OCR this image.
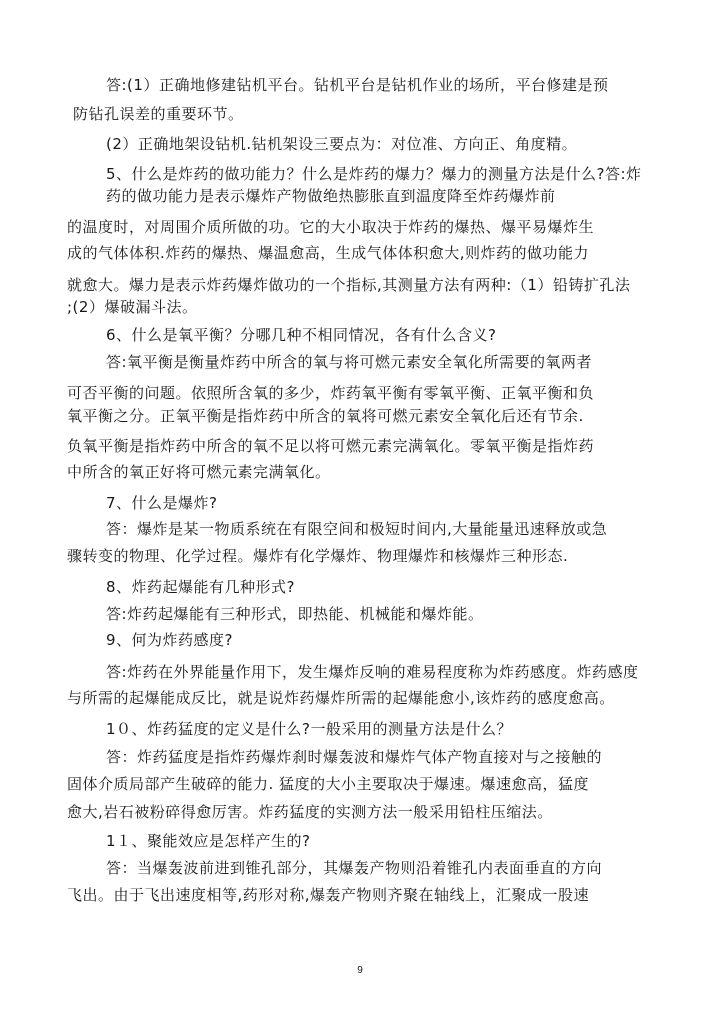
答:(1）正确地修建钻机平台。钻机平台是钻机作业的场所，平台修建是预
防钻孔误差的重要环节。
(2）正确地架设钻机.钻机架设三要点为：对位准、方向正、角度精。
5、什么是炸药的做功能力？什么是炸药的爆力？爆力的测量方法是什么?答:炸
药的做功能力是表示爆炸产物做绝热膨胀直到温度降至炸药爆炸前
的温度时，对周围介质所做的功。它的大小取决于炸药的爆热、爆平易爆炸生
成的气体体积.炸药的爆热、爆温愈高，生成气体体积愈大,则炸药的做功能力
就愈大。爆力是表示炸药爆炸做功的一个指标,其测量方法有两种:（1）铅铸扩孔法
;(2）爆破漏斗法。
6、什么是氧平衡？分哪几种不相同情况，各有什么含义?
答:氧平衡是衡量炸药中所含的氧与将可燃元素安全氧化所需要的氧两者
可否平衡的问题。依照所含氧的多少，炸药氧平衡有零氧平衡、正氧平衡和负
氧平衡之分。正氧平衡是指炸药中所含的氧将可燃元素安全氧化后还有节余.
负氧平衡是指炸药中所含的氧不足以将可燃元素完满氧化。零氧平衡是指炸药
中所含的氧正好将可燃元素完满氧化。
7、什么是爆炸?
答：爆炸是某一物质系统在有限空间和极短时间内,大量能量迅速释放或急
骤转变的物理、化学过程。爆炸有化学爆炸、物理爆炸和核爆炸三种形态.
8、炸药起爆能有几种形式?
答:炸药起爆能有三种形式，即热能、机械能和爆炸能。
9、何为炸药感度?
答:炸药在外界能量作用下，发生爆炸反响的难易程度称为炸药感度。炸药感度
与所需的起爆能成反比，就是说炸药爆炸所需的起爆能愈小,该炸药的感度愈高。
1０、炸药猛度的定义是什么?一般采用的测量方法是什么？
答：炸药猛度是指炸药爆炸刹时爆轰波和爆炸气体产物直接对与之接触的
固体介质局部产生破碎的能力. 猛度的大小主要取决于爆速。爆速愈高，猛度
愈大,岩石被粉碎得愈厉害。炸药猛度的实测方法一般采用铅柱压缩法。
1１、聚能效应是怎样产生的?
答：当爆轰波前进到锥孔部分，其爆轰产物则沿着锥孔内表面垂直的方向
飞出。由于飞出速度相等,药形对称,爆轰产物则齐聚在轴线上，汇聚成一股速
9
